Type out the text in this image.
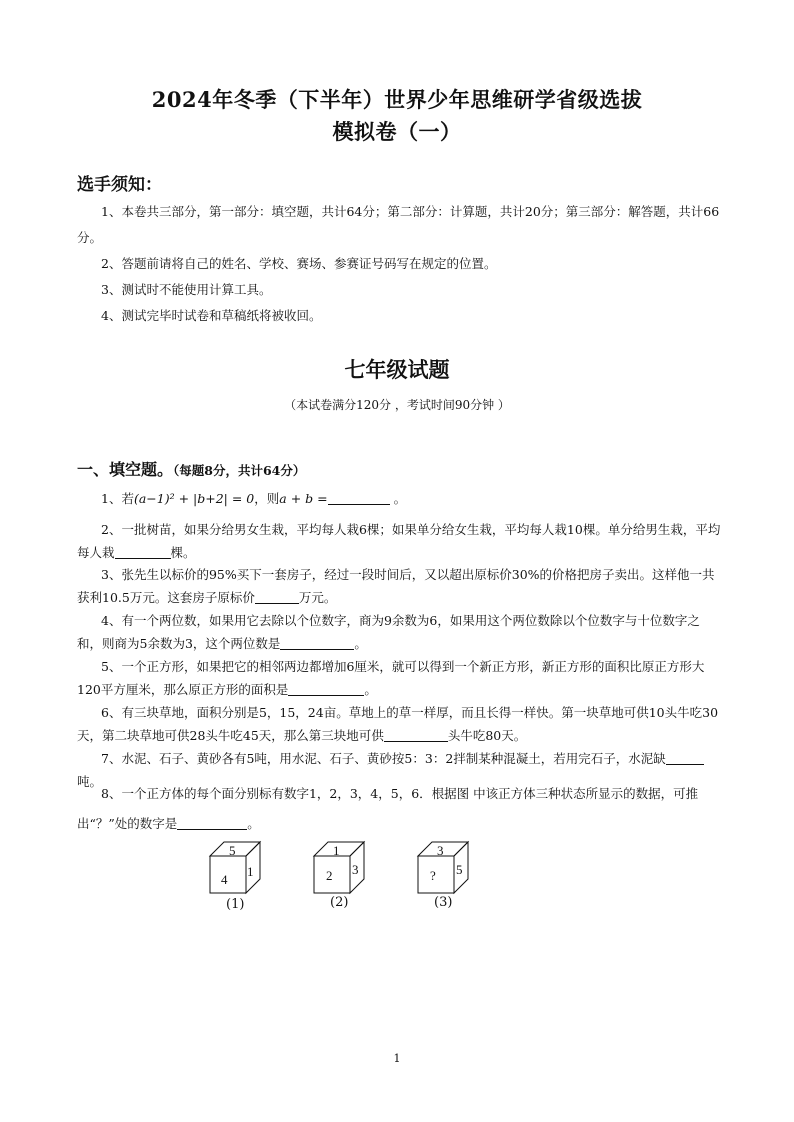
2024年冬季（下半年）世界少年思维研学省级选拔
模拟卷（一）
选手须知：

1、本卷共三部分，第一部分：填空题，共计64分；第二部分：计算题，共计20分；第三部分：解答题，共计66分。

2、答题前请将自己的姓名、学校、赛场、参赛证号码写在规定的位置。

3、测试时不能使用计算工具。

4、测试完毕时试卷和草稿纸将被收回。

七年级试题
（本试卷满分120分 ，考试时间90分钟 ）
一、填空题。（每题8分，共计64分）

1、若(a−1)² + |b+2| = 0，则a + b =	。

2、一批树苗，如果分给男女生栽，平均每人栽6棵；如果单分给女生栽，平均每人栽10棵。单分给男生栽，平均每人栽	棵。

3、张先生以标价的95%买下一套房子，经过一段时间后，又以超出原标价30%的价格把房子卖出。这样他一共获利10.5万元。这套房子原标价	万元。

4、有一个两位数，如果用它去除以个位数字，商为9余数为6，如果用这个两位数除以个位数字与十位数字之和，则商为5余数为3，这个两位数是	。

5、一个正方形，如果把它的相邻两边都增加6厘米，就可以得到一个新正方形，新正方形的面积比原正方形大120平方厘米，那么原正方形的面积是	。

6、有三块草地，面积分别是5，15，24亩。草地上的草一样厚，而且长得一样快。第一块草地可供10头牛吃30天，第二块草地可供28头牛吃45天，那么第三块地可供	头牛吃80天。

7、水泥、石子、黄砂各有5吨，用水泥、石子、黄砂按5：3：2拌制某种混凝土，若用完石子，水泥缺吨。

8、一个正方体的每个面分别标有数字1，2，3，4，5，6．根据图 中该正方体三种状态所显示的数据，可推出“？”处的数字是	。

5
4
1
(1)
1
2 3
(2)
3
? 5
(3)
1
